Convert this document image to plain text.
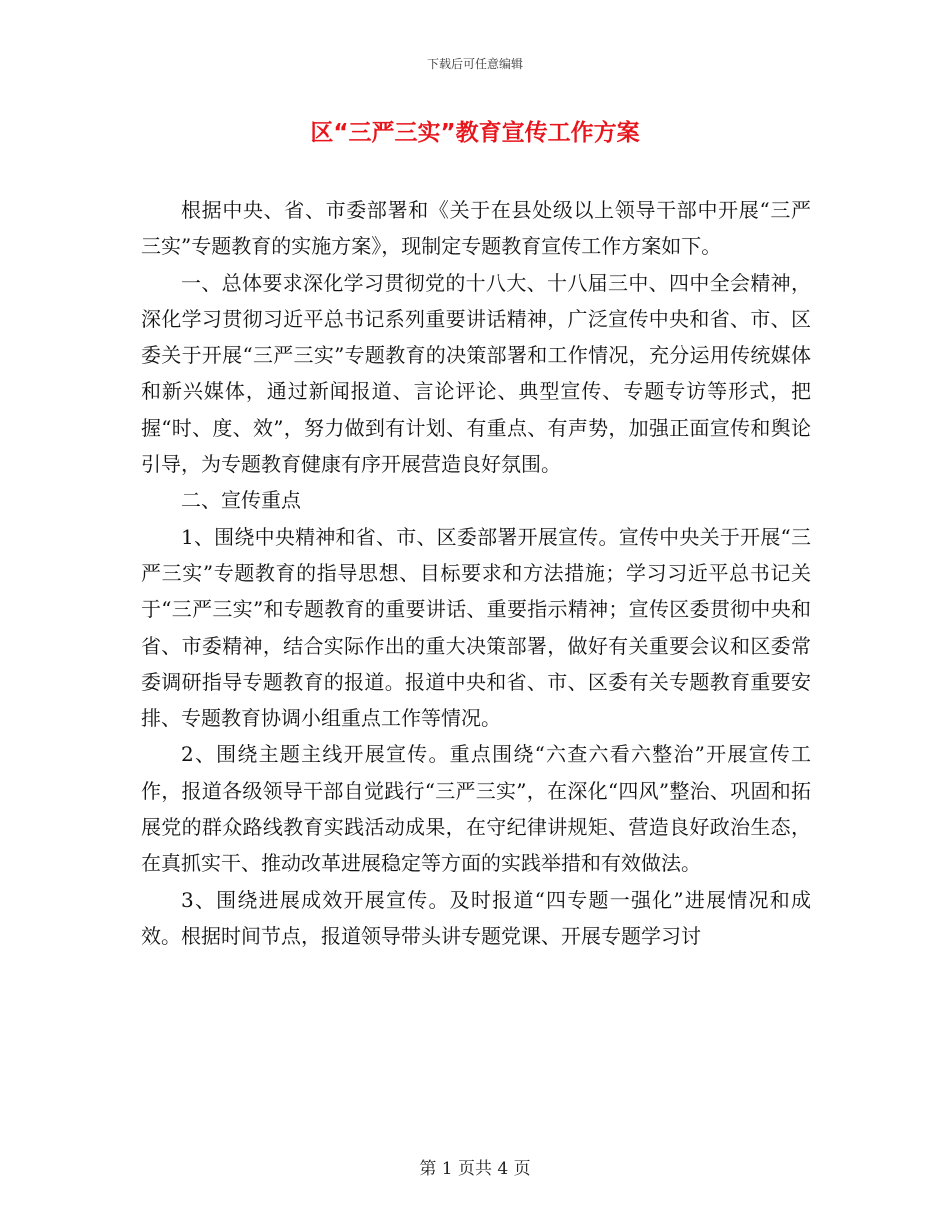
下载后可任意编辑
区“三严三实”教育宣传工作方案

根据中央、省、市委部署和《关于在县处级以上领导干部中开展“三严三实”专题教育的实施方案》，现制定专题教育宣传工作方案如下。

一、总体要求深化学习贯彻党的十八大、十八届三中、四中全会精神，深化学习贯彻习近平总书记系列重要讲话精神，广泛宣传中央和省、市、区委关于开展“三严三实”专题教育的决策部署和工作情况，充分运用传统媒体和新兴媒体，通过新闻报道、言论评论、典型宣传、专题专访等形式，把握“时、度、效”，努力做到有计划、有重点、有声势，加强正面宣传和舆论引导，为专题教育健康有序开展营造良好氛围。

二、宣传重点

1、围绕中央精神和省、市、区委部署开展宣传。宣传中央关于开展“三严三实”专题教育的指导思想、目标要求和方法措施；学习习近平总书记关于“三严三实”和专题教育的重要讲话、重要指示精神；宣传区委贯彻中央和省、市委精神，结合实际作出的重大决策部署，做好有关重要会议和区委常委调研指导专题教育的报道。报道中央和省、市、区委有关专题教育重要安排、专题教育协调小组重点工作等情况。

2、围绕主题主线开展宣传。重点围绕“六查六看六整治”开展宣传工作，报道各级领导干部自觉践行“三严三实”，在深化“四风”整治、巩固和拓展党的群众路线教育实践活动成果，在守纪律讲规矩、营造良好政治生态，在真抓实干、推动改革进展稳定等方面的实践举措和有效做法。

3、围绕进展成效开展宣传。及时报道“四专题一强化”进展情况和成效。根据时间节点，报道领导带头讲专题党课、开展专题学习讨

第 1 页共 4 页
